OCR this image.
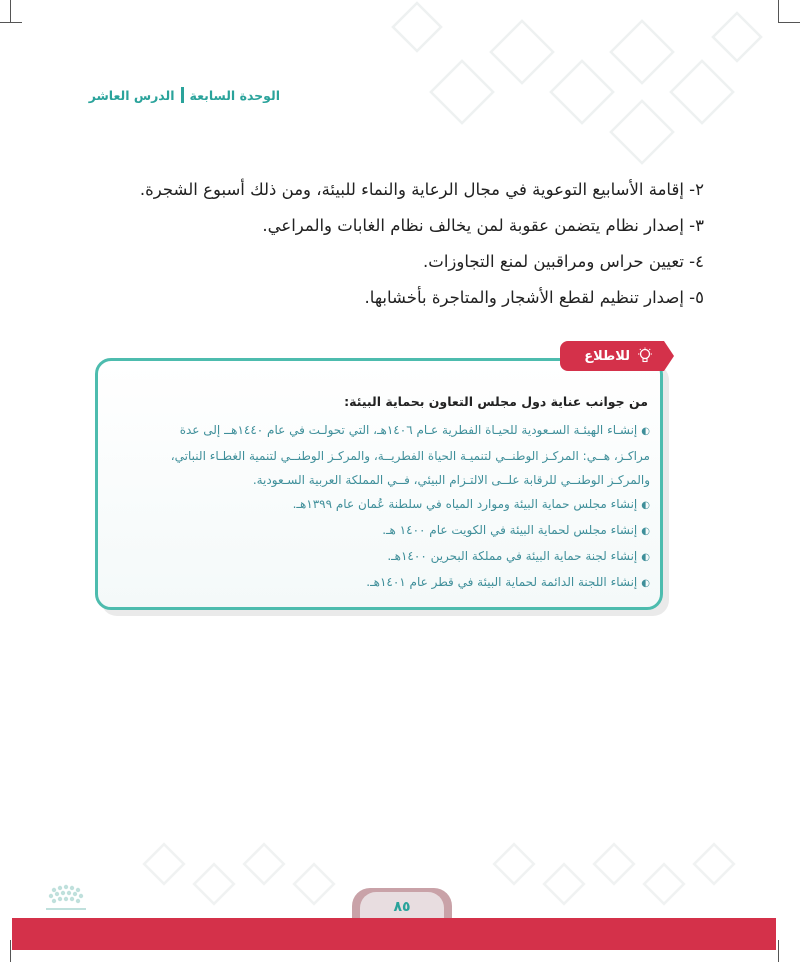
الوحدة السابعة
الدرس العاشر
٢- إقامة الأسابيع التوعوية في مجال الرعاية والنماء للبيئة، ومن ذلك أسبوع الشجرة.
٣- إصدار نظام يتضمن عقوبة لمن يخالف نظام الغابات والمراعي.
٤- تعيين حراس ومراقبين لمنع التجاوزات.
٥- إصدار تنظيم لقطع الأشجار والمتاجرة بأخشابها.
للاطلاع
من جوانب عناية دول مجلس التعاون بحماية البيئة:
◐إنشـاء الهيئـة السـعودية للحيـاة الفطرية عـام ١٤٠٦هـ، التي تحولـت في عام ١٤٤٠هــ إلى عدة
مراكـز، هــي: المركـز الوطنــي لتنميـة الحياة الفطريــة، والمركـز الوطنــي لتنمية الغطـاء النباتي،
والمركـز الوطنــي للرقابة علــى الالتـزام البيئي، فــي المملكة العربية السـعودية.
◐إنشاء مجلس حماية البيئة وموارد المياه في سلطنة عُمان عام ١٣٩٩هـ.
◐إنشاء مجلس لحماية البيئة في الكويت عام ١٤٠٠ هـ.
◐إنشاء لجنة حماية البيئة في مملكة البحرين ١٤٠٠هـ.
◐إنشاء اللجنة الدائمة لحماية البيئة في قطر عام ١٤٠١هـ.
٨٥
